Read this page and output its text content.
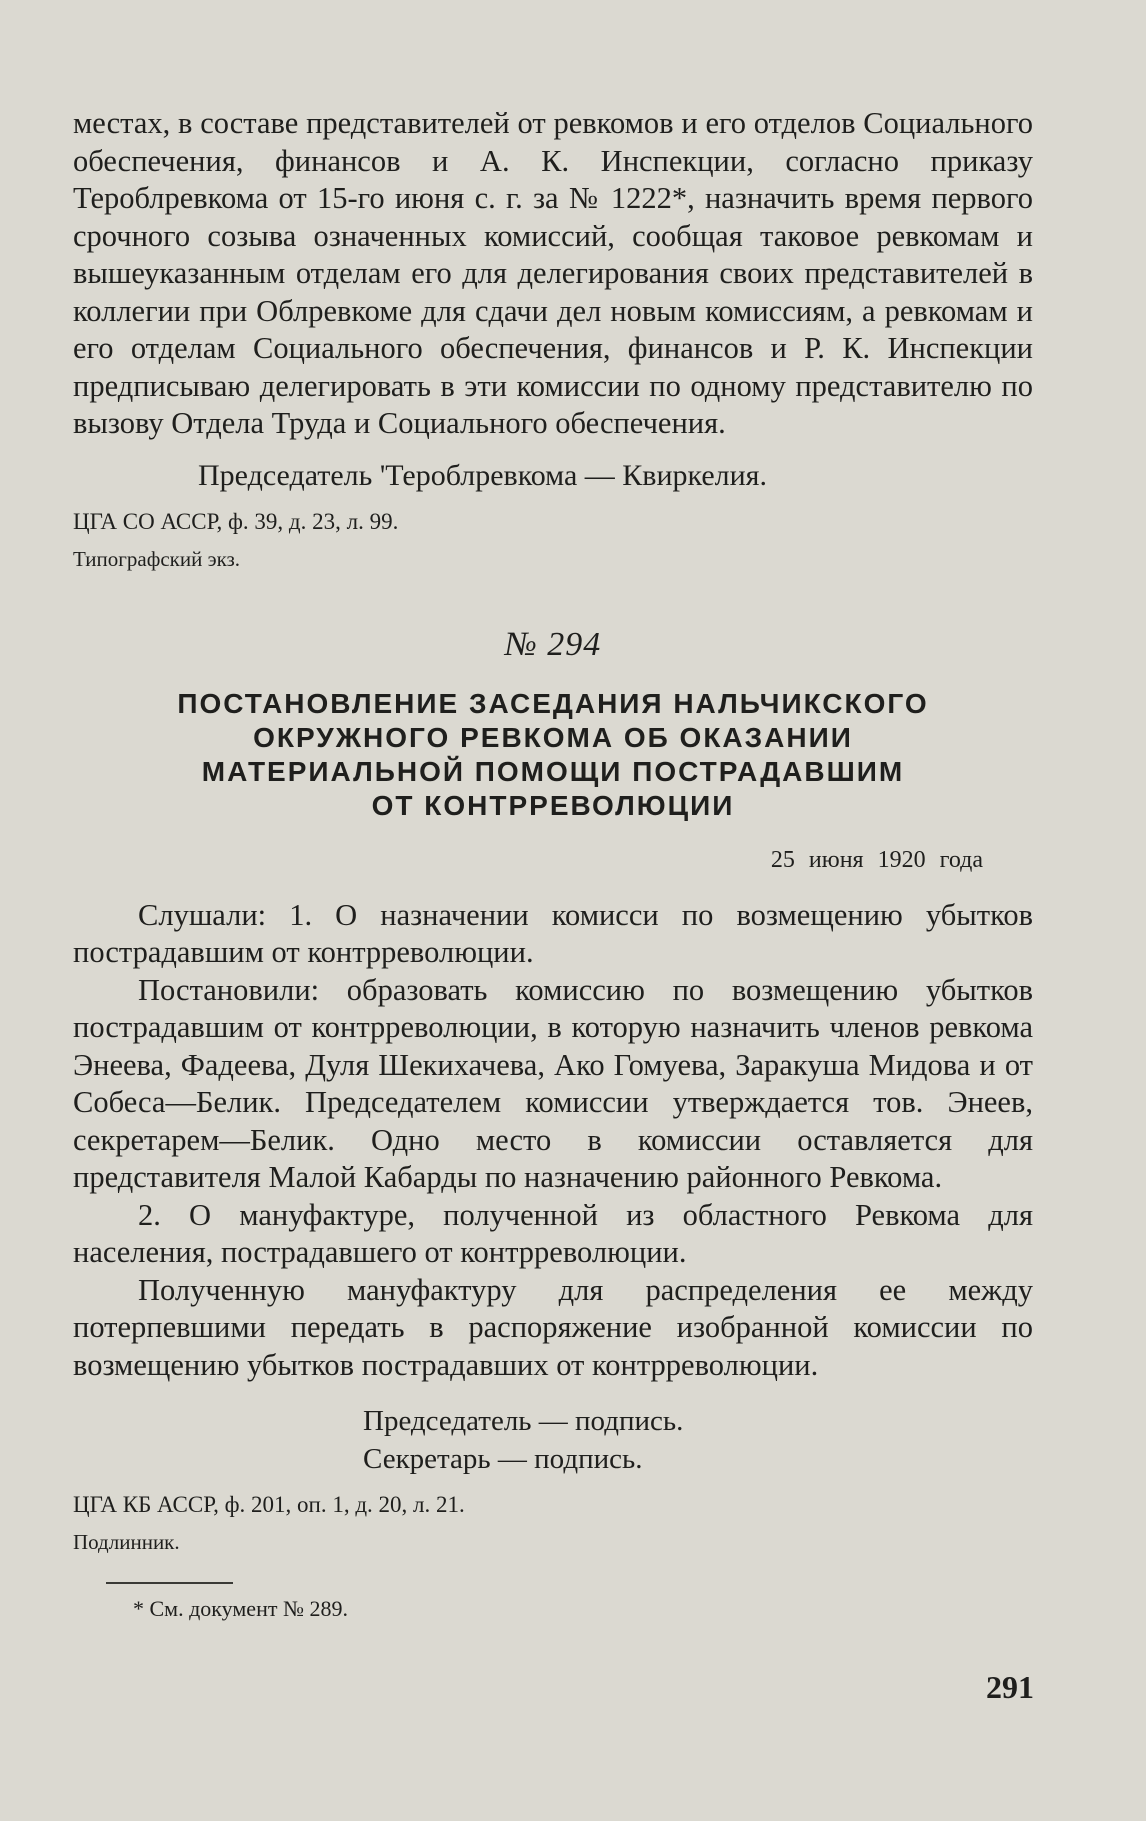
местах, в составе представителей от ревкомов и его отделов Социального обеспечения, финансов и А. К. Инспекции, согласно приказу Тероблревкома от 15-го июня с. г. за № 1222*, назначить время первого срочного созыва означенных комиссий, сообщая таковое ревкомам и вышеуказанным отделам его для делегирования своих представителей в коллегии при Облревкоме для сдачи дел новым комиссиям, а ревкомам и его отделам Социального обеспечения, финансов и Р. К. Инспекции предписываю делегировать в эти комиссии по одному представителю по вызову Отдела Труда и Социального обеспечения.

Председатель 'Тероблревкома — Квиркелия.

ЦГА СО АССР, ф. 39, д. 23, л. 99.

Типографский экз.

№ 294
ПОСТАНОВЛЕНИЕ ЗАСЕДАНИЯ НАЛЬЧИКСКОГО
ОКРУЖНОГО РЕВКОМА ОБ ОКАЗАНИИ
МАТЕРИАЛЬНОЙ ПОМОЩИ ПОСТРАДАВШИМ
ОТ КОНТРРЕВОЛЮЦИИ
25 июня 1920 года

Слушали: 1. О назначении комисси по возмещению убытков пострадавшим от контрреволюции.

Постановили: образовать комиссию по возмещению убытков пострадавшим от контрреволюции, в которую назначить членов ревкома Энеева, Фадеева, Дуля Шекихачева, Ако Гомуева, Заракуша Мидова и от Собеса—Белик. Председателем комиссии утверждается тов. Энеев, секретарем—Белик. Одно место в комиссии оставляется для представителя Малой Кабарды по назначению районного Ревкома.

2. О мануфактуре, полученной из областного Ревкома для населения, пострадавшего от контрреволюции.

Полученную мануфактуру для распределения ее между потерпевшими передать в распоряжение изобранной комиссии по возмещению убытков пострадавших от контрреволюции.

Председатель — подпись.
Секретарь — подпись.

ЦГА КБ АССР, ф. 201, оп. 1, д. 20, л. 21.

Подлинник.

* См. документ № 289.

291
